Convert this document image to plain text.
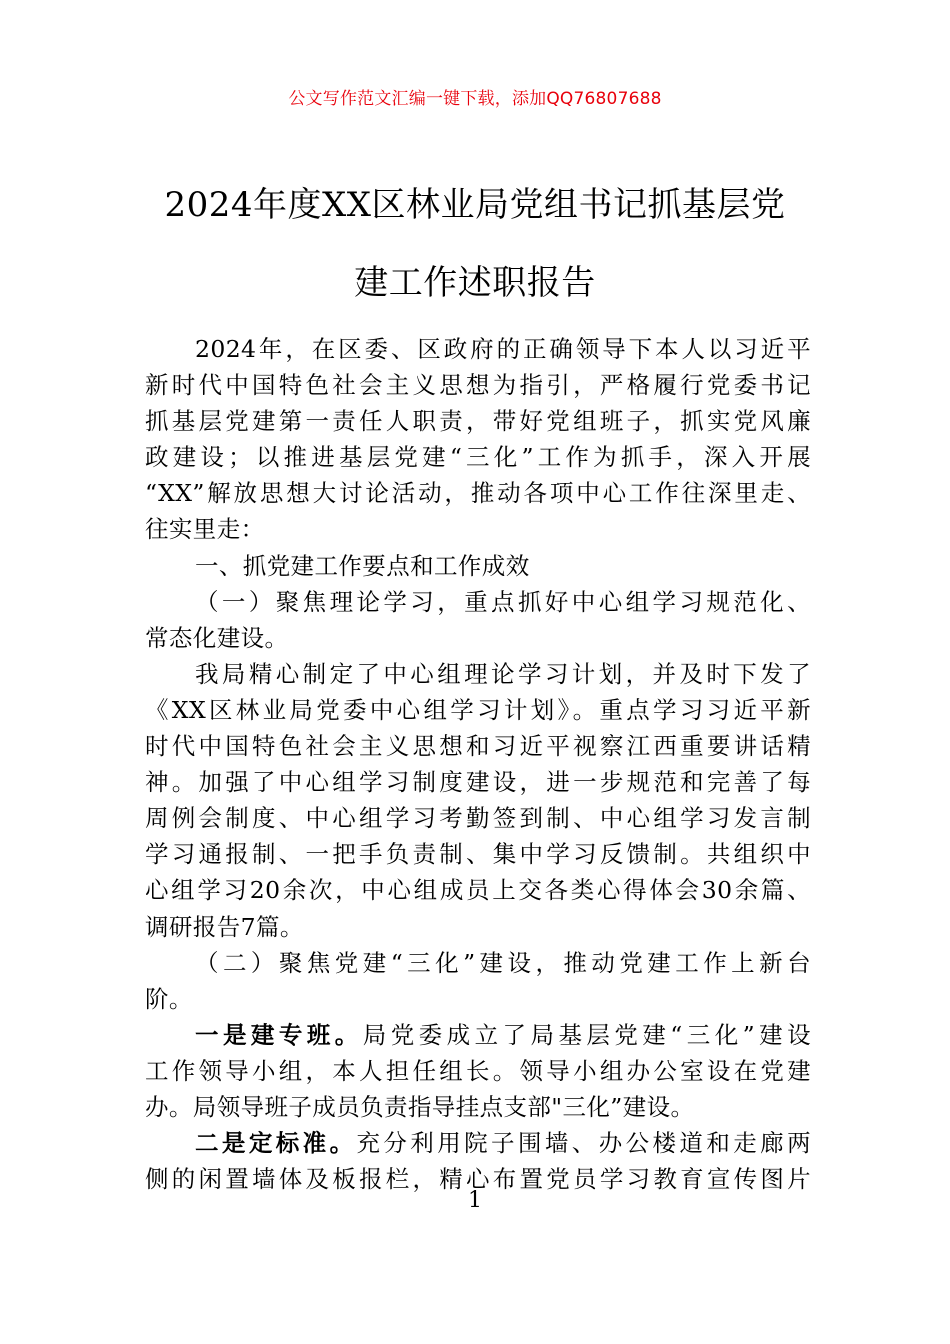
公文写作范文汇编一键下载，添加QQ76807688
2024年度XX区林业局党组书记抓基层党
建工作述职报告
2024年，在区委、区政府的正确领导下本人以习近平
新时代中国特色社会主义思想为指引，严格履行党委书记
抓基层党建第一责任人职责，带好党组班子，抓实党风廉
政建设；以推进基层党建“三化”工作为抓手，深入开展
“XX”解放思想大讨论活动，推动各项中心工作往深里走、
往实里走：
一、抓党建工作要点和工作成效
（一）聚焦理论学习，重点抓好中心组学习规范化、
常态化建设。
我局精心制定了中心组理论学习计划，并及时下发了
《XX区林业局党委中心组学习计划》。重点学习习近平新
时代中国特色社会主义思想和习近平视察江西重要讲话精
神。加强了中心组学习制度建设，进一步规范和完善了每
周例会制度、中心组学习考勤签到制、中心组学习发言制
学习通报制、一把手负责制、集中学习反馈制。共组织中
心组学习20余次，中心组成员上交各类心得体会30余篇、
调研报告7篇。
（二）聚焦党建“三化”建设，推动党建工作上新台
阶。
一是建专班。局党委成立了局基层党建“三化”建设
工作领导小组，本人担任组长。领导小组办公室设在党建
办。局领导班子成员负责指导挂点支部"三化”建设。
二是定标准。充分利用院子围墙、办公楼道和走廊两
侧的闲置墙体及板报栏，精心布置党员学习教育宣传图片
1
